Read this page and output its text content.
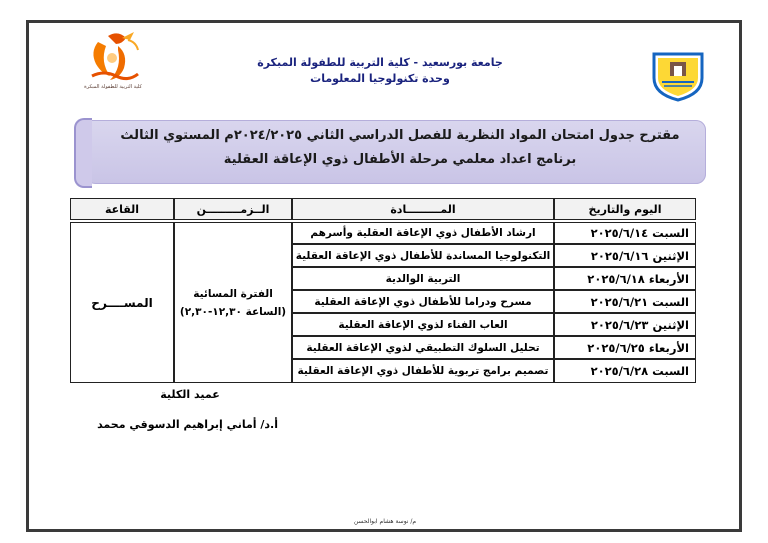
كلية التربية للطفولة المبكرة
جامعة بورسعيد - كلية التربية للطفولة المبكرة
وحدة تكنولوجيا المعلومات
مقترح جدول امتحان المواد النظرية للفصل الدراسي الثاني ٢٠٢٤/٢٠٢٥م المستوي الثالث
برنامج اعداد معلمي مرحلة الأطفال ذوي الإعاقة العقلية
اليوم والتاريخ
المـــــــــادة
الــزمـــــــــن
القاعة
السبت

٢٠٢٥/٦/١٤
ارشاد الأطفال ذوي الإعاقة العقلية وأسرهم
الإثنين

٢٠٢٥/٦/١٦
التكنولوجيا المساندة للأطفال ذوي الإعاقة العقلية
الأربعاء

٢٠٢٥/٦/١٨
التربية الوالدية
السبت

٢٠٢٥/٦/٢١
مسرح ودراما للأطفال ذوي الإعاقة العقلية
الإثنين

٢٠٢٥/٦/٢٣
العاب الفناء لذوي الإعاقة العقلية
الأربعاء

٢٠٢٥/٦/٢٥
تحليل السلوك التطبيقي لذوي الإعاقة العقلية
السبت

٢٠٢٥/٦/٢٨
تصميم برامج تربوية للأطفال ذوي الإعاقة العقلية
الفترة المسائية
(الساعة ١٢,٣٠-٢,٣٠)
المســــرح
عميد الكلية
أ.د/ أماني إبراهيم الدسوقي محمد
م/ نوسة هشام ابوالحسن
